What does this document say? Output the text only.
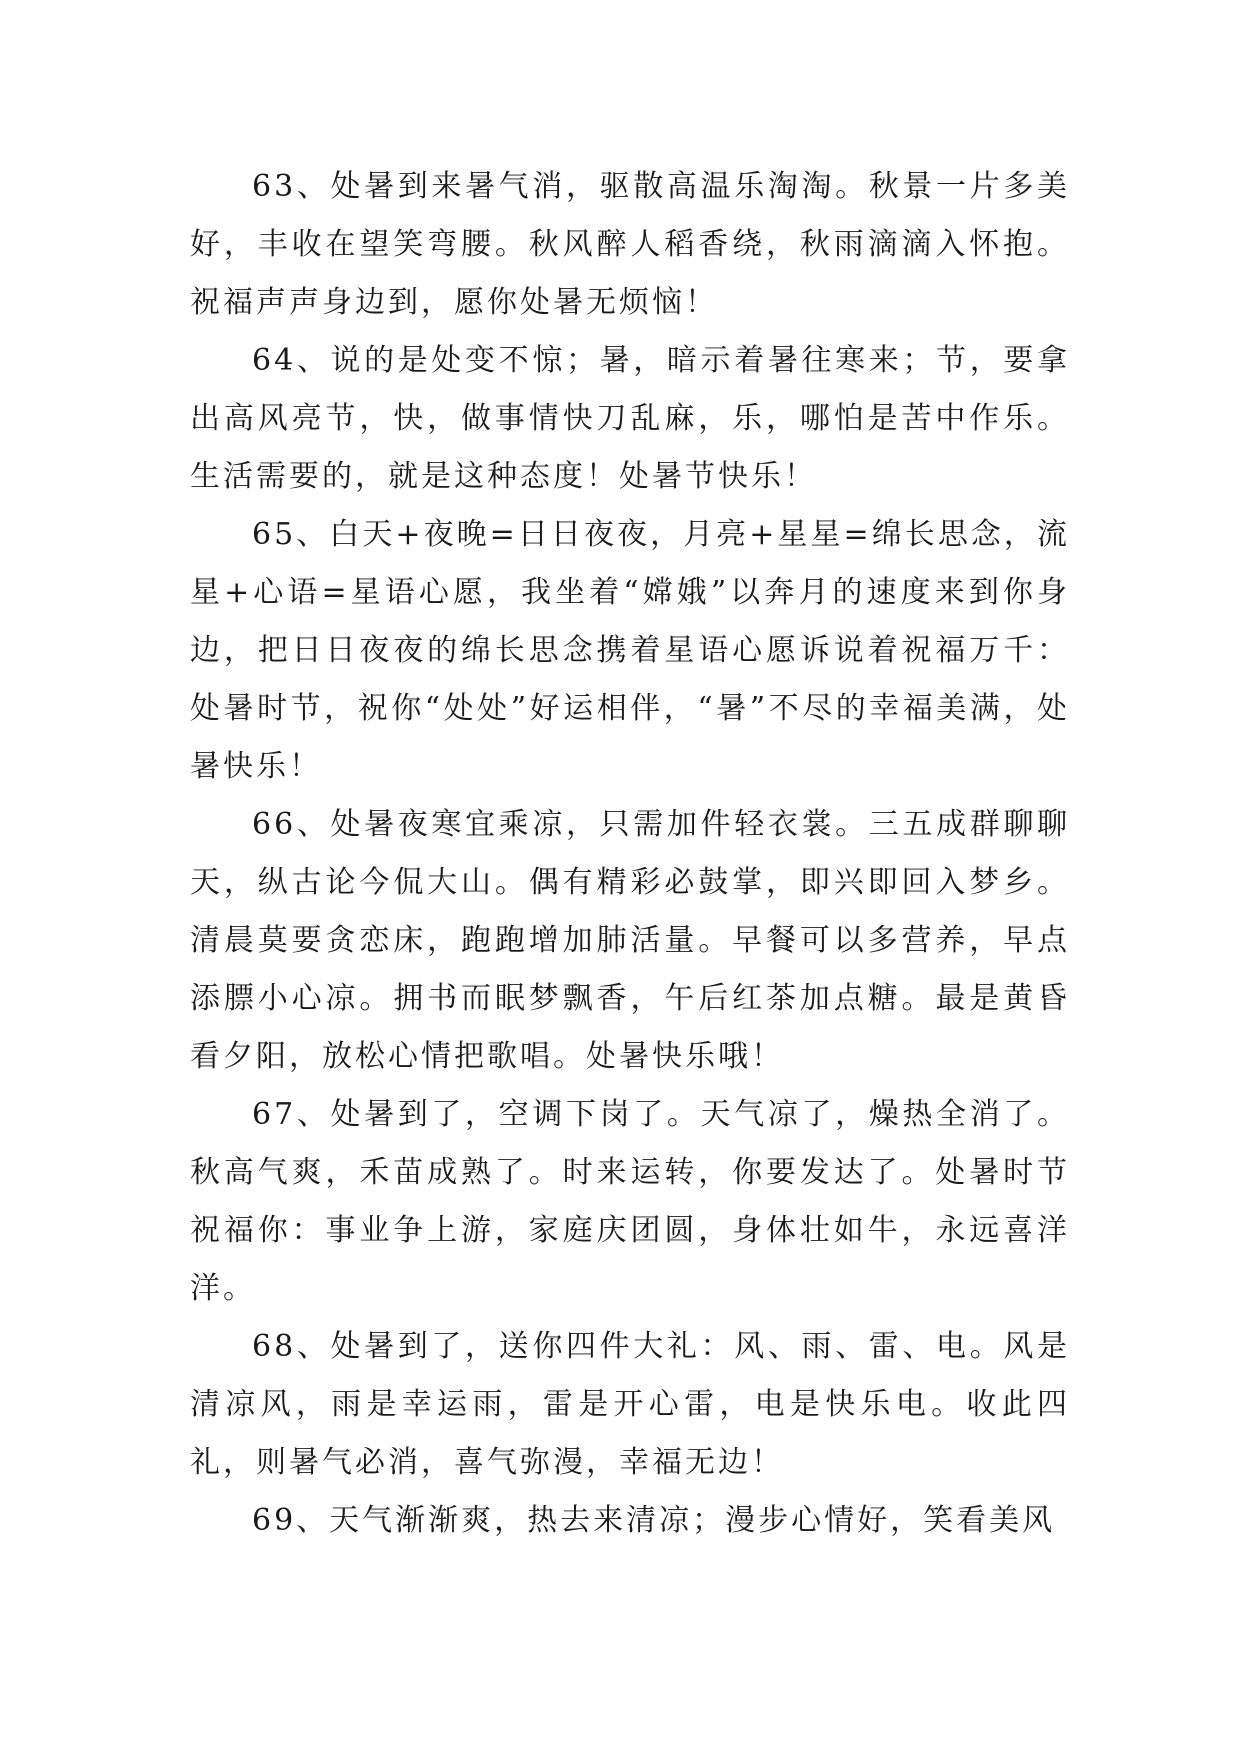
63、处暑到来暑气消，驱散高温乐淘淘。秋景一片多美好，丰收在望笑弯腰。秋风醉人稻香绕，秋雨滴滴入怀抱。祝福声声身边到，愿你处暑无烦恼！

64、说的是处变不惊；暑，暗示着暑往寒来；节，要拿出高风亮节，快，做事情快刀乱麻，乐，哪怕是苦中作乐。生活需要的，就是这种态度！处暑节快乐！

65、白天+夜晚=日日夜夜，月亮+星星=绵长思念，流星+心语=星语心愿，我坐着“嫦娥”以奔月的速度来到你身边，把日日夜夜的绵长思念携着星语心愿诉说着祝福万千：处暑时节，祝你“处处”好运相伴，“暑”不尽的幸福美满，处暑快乐！

66、处暑夜寒宜乘凉，只需加件轻衣裳。三五成群聊聊天，纵古论今侃大山。偶有精彩必鼓掌，即兴即回入梦乡。清晨莫要贪恋床，跑跑增加肺活量。早餐可以多营养，早点添膘小心凉。拥书而眠梦飘香，午后红茶加点糖。最是黄昏看夕阳，放松心情把歌唱。处暑快乐哦！

67、处暑到了，空调下岗了。天气凉了，燥热全消了。秋高气爽，禾苗成熟了。时来运转，你要发达了。处暑时节祝福你：事业争上游，家庭庆团圆，身体壮如牛，永远喜洋洋。

68、处暑到了，送你四件大礼：风、雨、雷、电。风是清凉风，雨是幸运雨，雷是开心雷，电是快乐电。收此四礼，则暑气必消，喜气弥漫，幸福无边！

69、天气渐渐爽，热去来清凉；漫步心情好，笑看美风
